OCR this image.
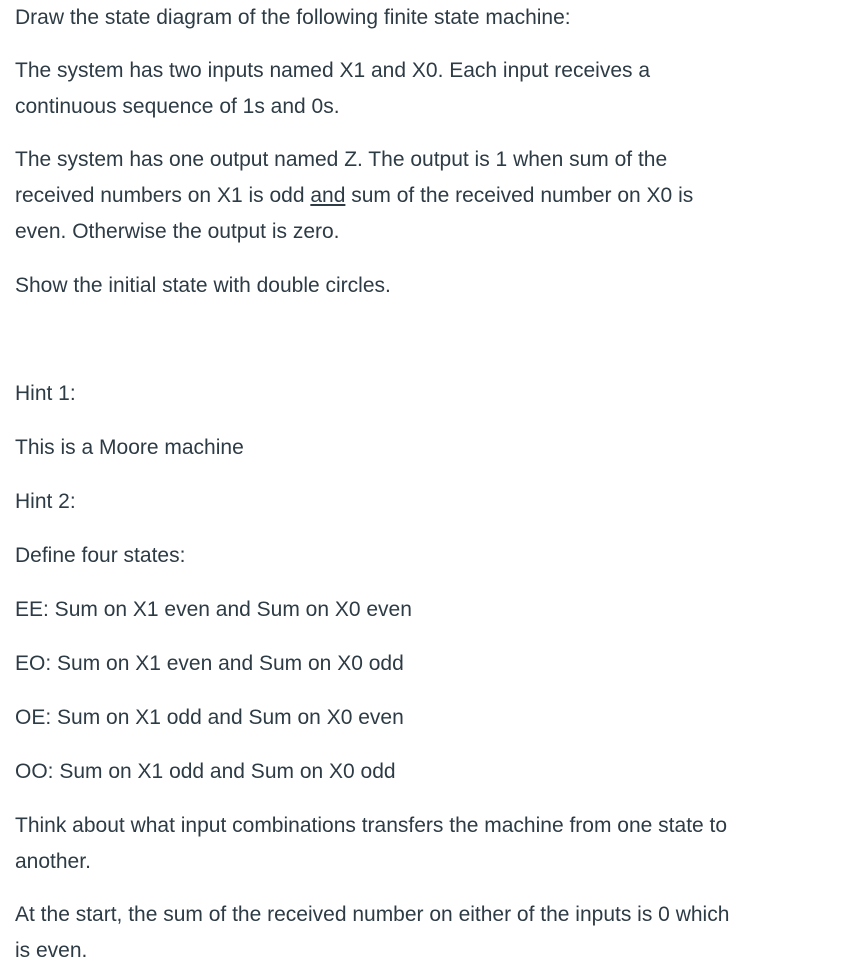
Draw the state diagram of the following finite state machine:

The system has two inputs named X1 and X0. Each input receives a

continuous sequence of 1s and 0s.

The system has one output named Z. The output is 1 when sum of the

received numbers on X1 is odd and sum of the received number on X0 is

even. Otherwise the output is zero.

Show the initial state with double circles.

Hint 1:

This is a Moore machine

Hint 2:

Define four states:

EE: Sum on X1 even and Sum on X0 even

EO: Sum on X1 even and Sum on X0 odd

OE: Sum on X1 odd and Sum on X0 even

OO: Sum on X1 odd and Sum on X0 odd

Think about what input combinations transfers the machine from one state to

another.

At the start, the sum of the received number on either of the inputs is 0 which

is even.
